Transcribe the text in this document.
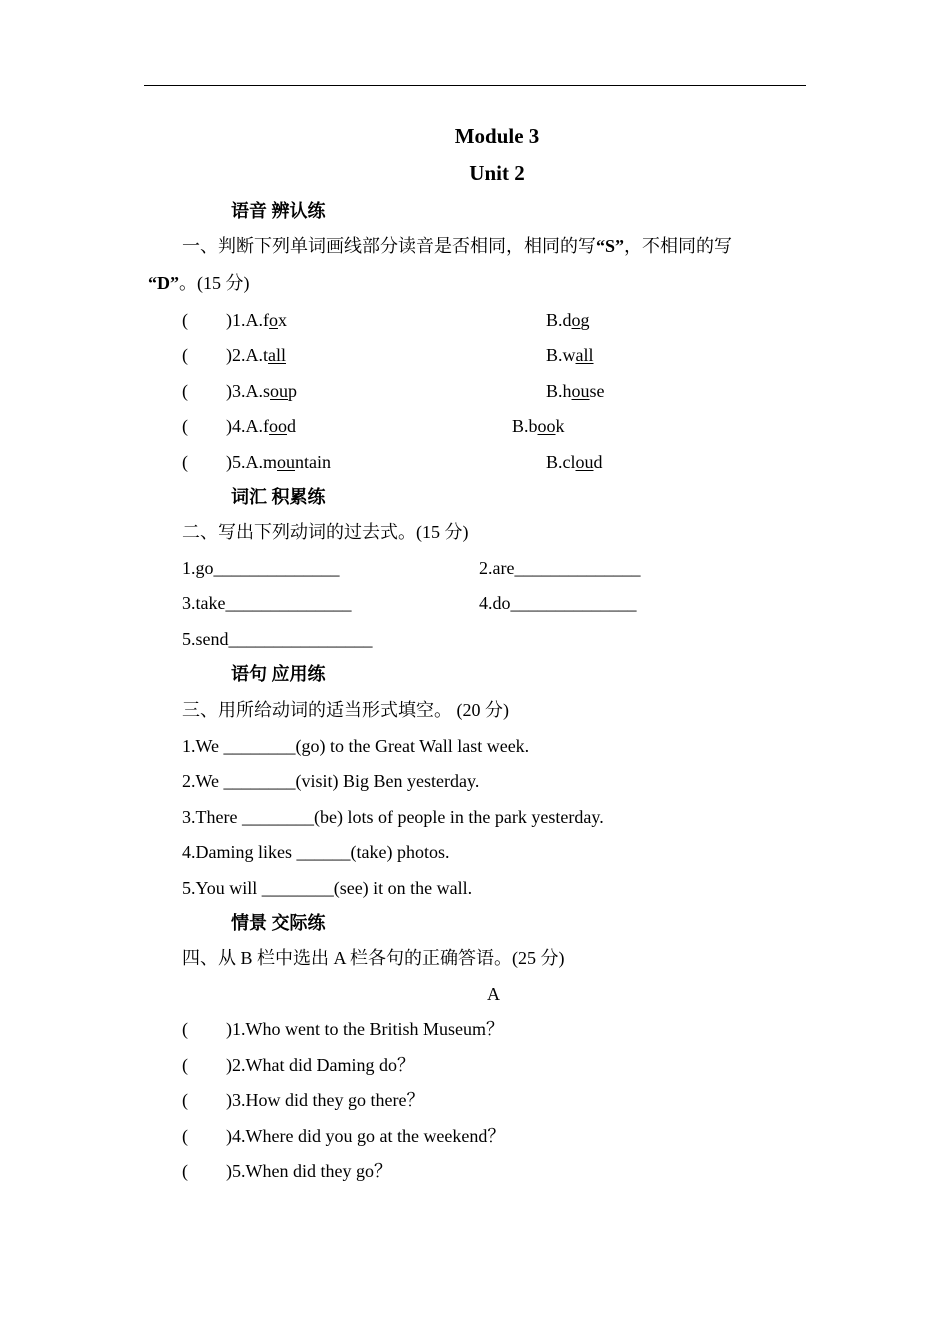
Module 3
Unit 2
语音 辨认练
一、判断下列单词画线部分读音是否相同，相同的写“S”，不相同的写
“D”。(15 分)
( )1.A.fox	B.dog
( )2.A.tall	B.wall
( )3.A.soup	B.house
( )4.A.food	B.book
( )5.A.mountain	B.cloud
词汇 积累练
二、写出下列动词的过去式。(15 分)
1.go______________	2.are______________
3.take______________	4.do______________
5.send________________
语句 应用练
三、用所给动词的适当形式填空。 (20 分)
1.We ________(go) to the Great Wall last week.
2.We ________(visit) Big Ben yesterday.
3.There ________(be) lots of people in the park yesterday.
4.Daming likes ______(take) photos.
5.You will ________(see) it on the wall.
情景 交际练
四、从 B 栏中选出 A 栏各句的正确答语。(25 分)
A
( )1.Who went to the British Museum？
( )2.What did Daming do？
( )3.How did they go there？
( )4.Where did you go at the weekend？
( )5.When did they go？
